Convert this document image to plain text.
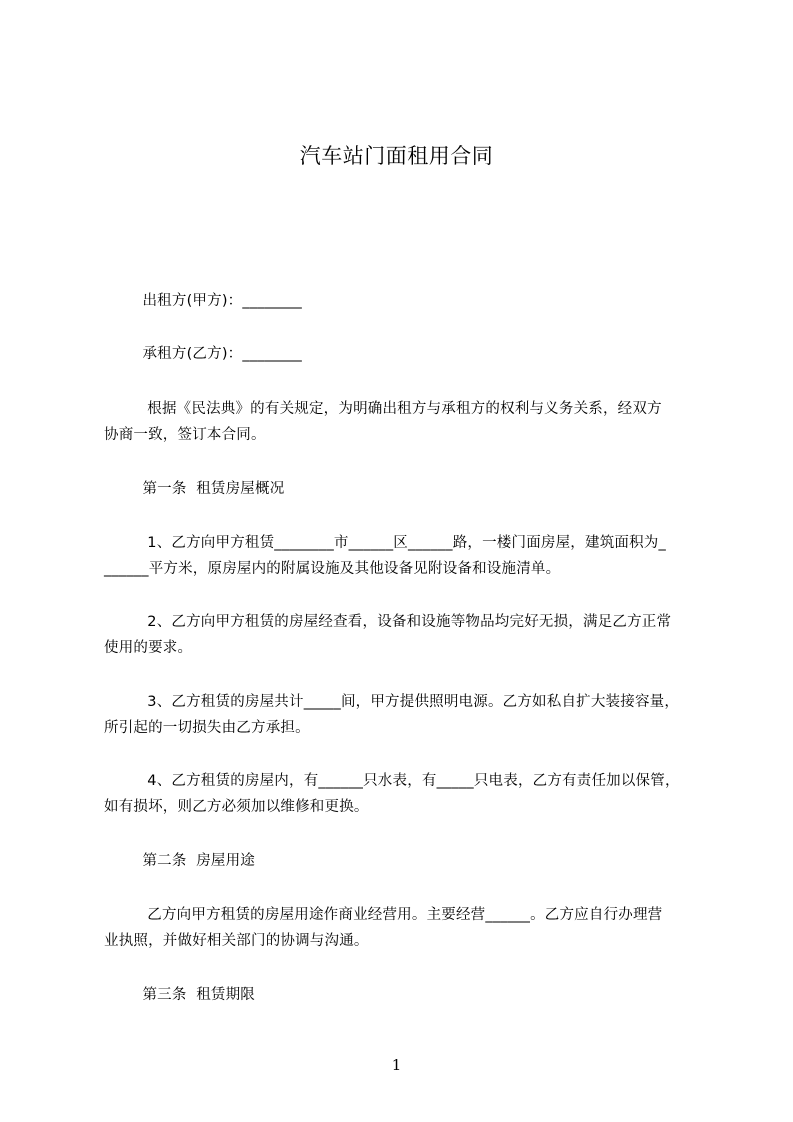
汽车站门面租用合同
出租方(甲方)：________
承租方(乙方)：________
根据《民法典》的有关规定，为明确出租方与承租方的权利与义务关系，经双方
协商一致，签订本合同。
第一条  租赁房屋概况
1、乙方向甲方租赁________市______区______路，一楼门面房屋，建筑面积为_
______平方米，原房屋内的附属设施及其他设备见附设备和设施清单。
2、乙方向甲方租赁的房屋经查看，设备和设施等物品均完好无损，满足乙方正常
使用的要求。
3、乙方租赁的房屋共计_____间，甲方提供照明电源。乙方如私自扩大装接容量，
所引起的一切损失由乙方承担。
4、乙方租赁的房屋内，有______只水表，有_____只电表，乙方有责任加以保管，
如有损坏，则乙方必须加以维修和更换。
第二条  房屋用途
乙方向甲方租赁的房屋用途作商业经营用。主要经营______。乙方应自行办理营
业执照，并做好相关部门的协调与沟通。
第三条  租赁期限
1
